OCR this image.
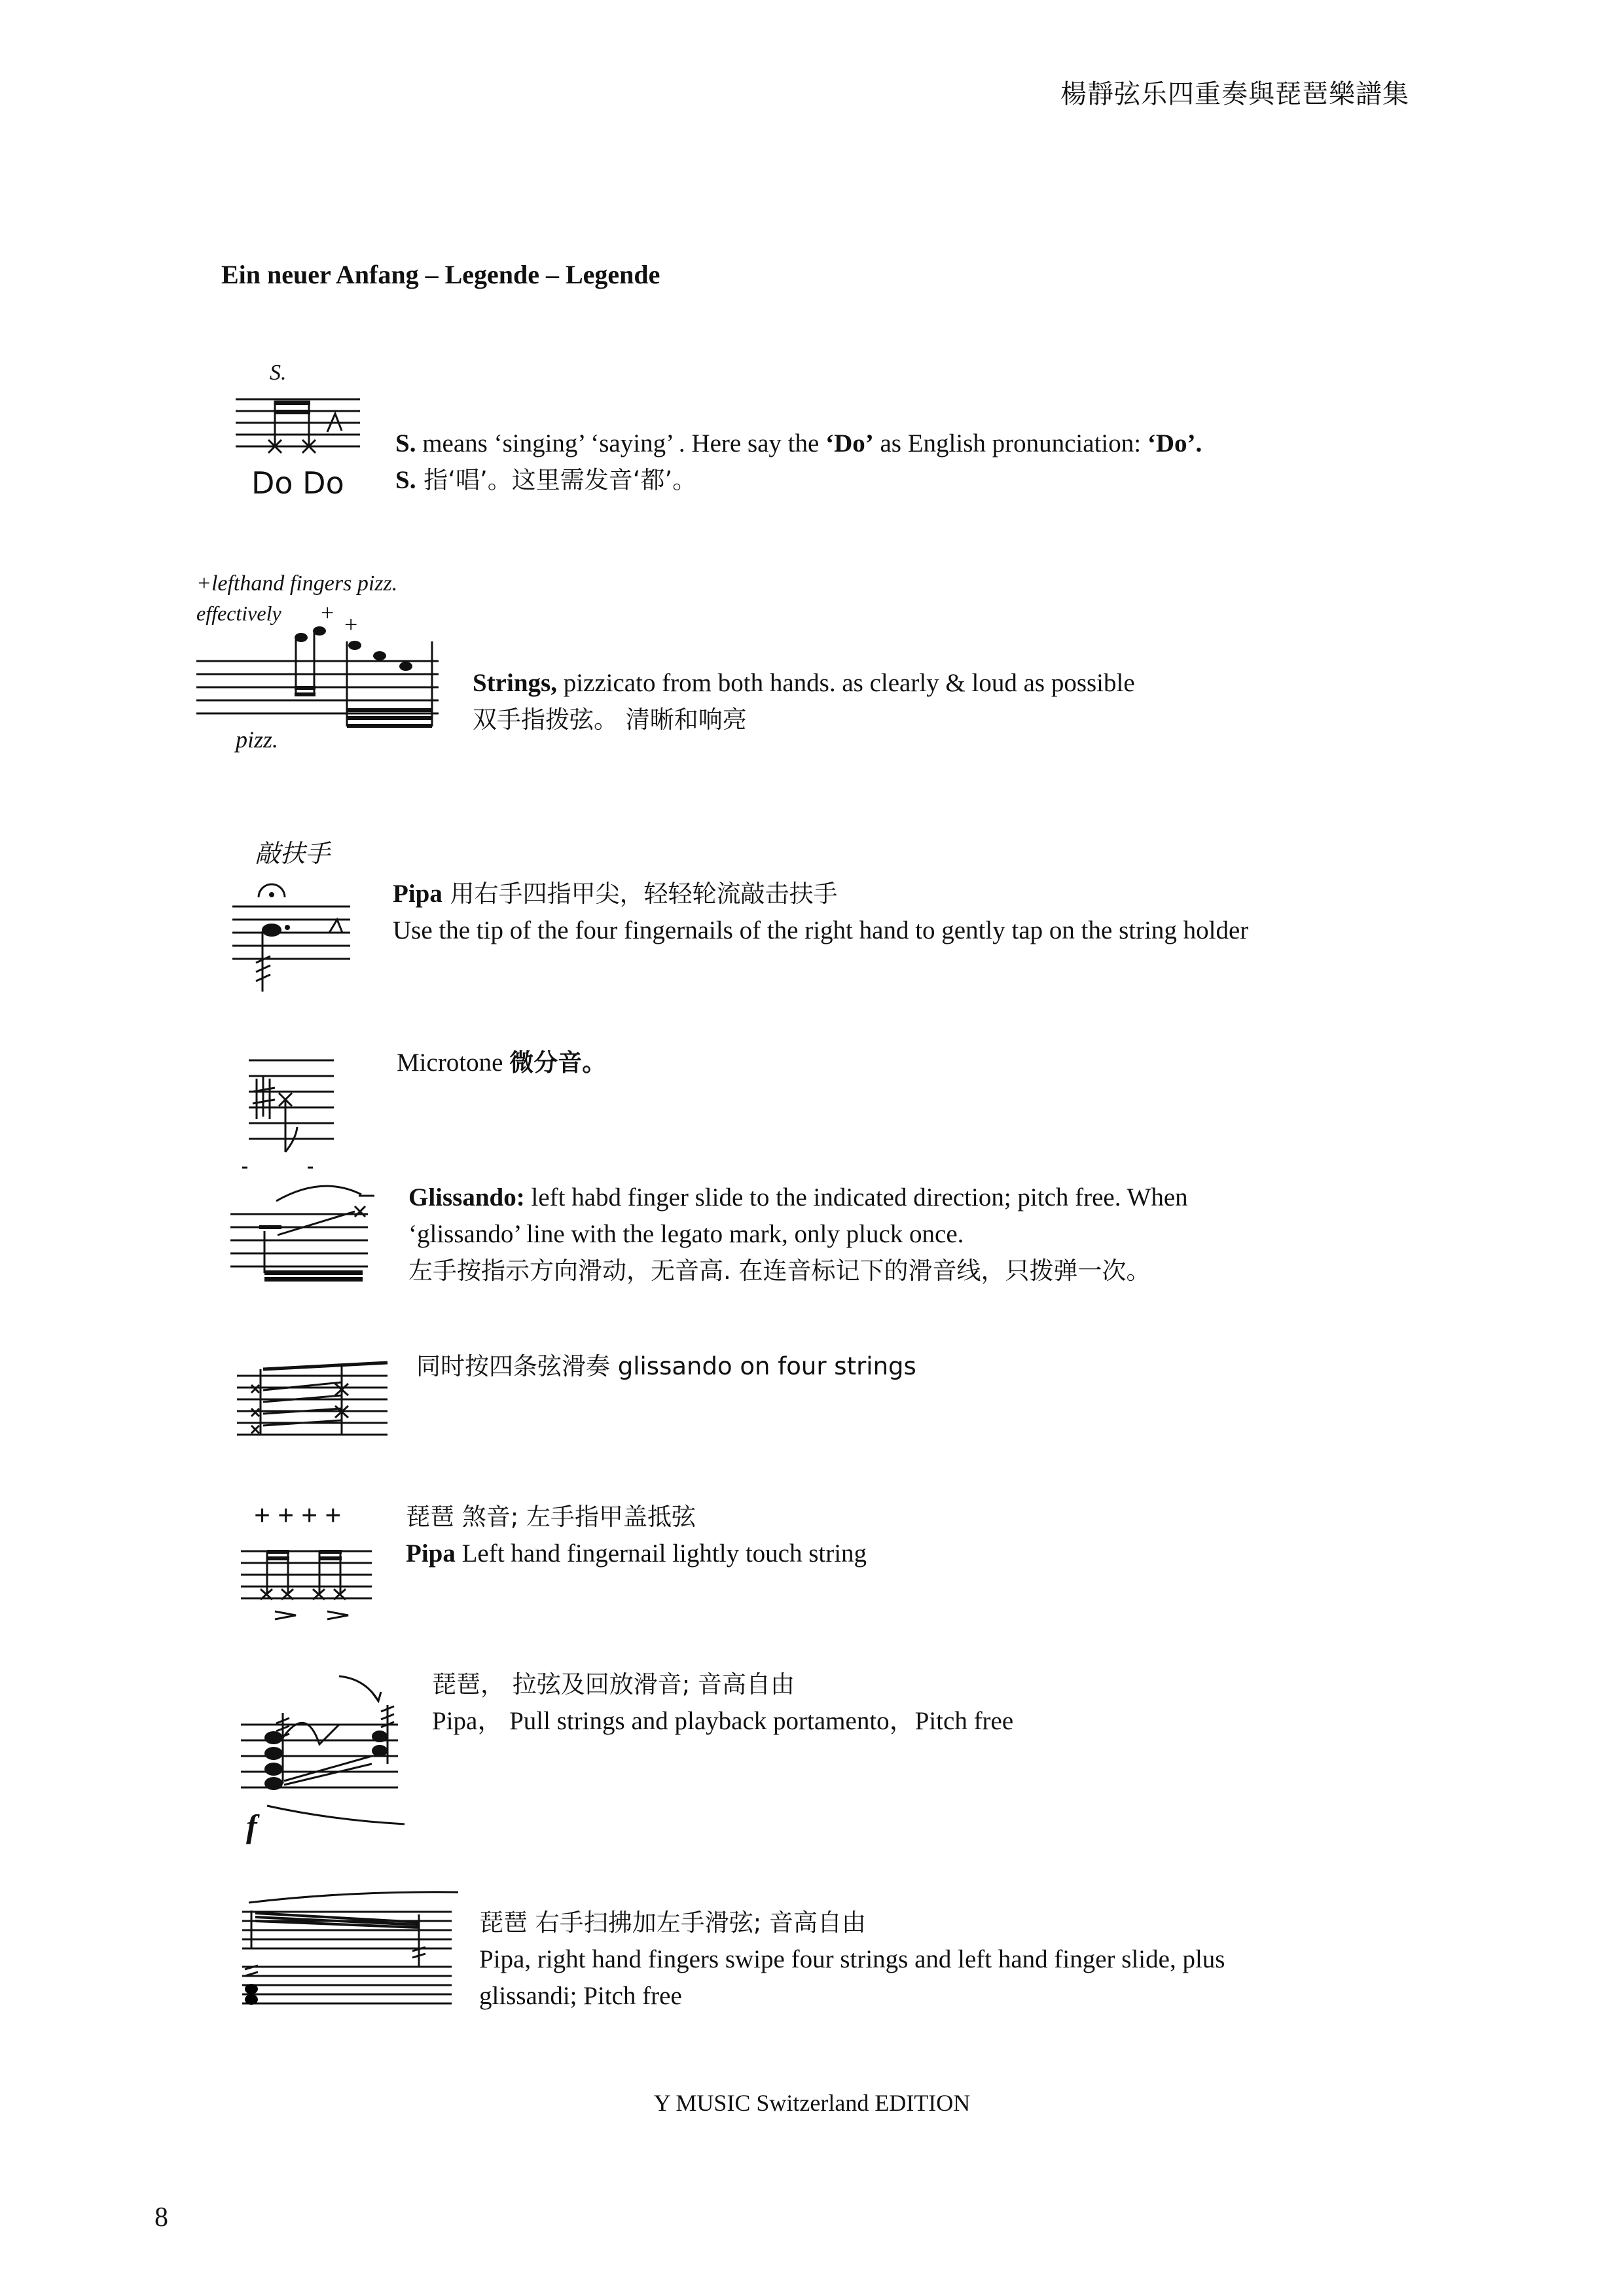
楊靜弦乐四重奏與琵琶樂譜集
Ein neuer Anfang – Legende – Legende
S.
Do Do
S. means ‘singing’ ‘saying’ . Here say the ‘Do’ as English pronunciation: ‘Do’.
S. 指‘唱’。这里需发音‘都’。
+lefthand fingers pizz.
effectively + +
pizz.
Strings, pizzicato from both hands. as clearly & loud as possible
双手指拨弦。 清晰和响亮
敲扶手
Pipa 用右手四指甲尖，轻轻轮流敲击扶手
Use the tip of the four fingernails of the right hand to gently tap on the string holder
Microtone 微分音。
Glissando: left habd finger slide to the indicated direction; pitch free. When
‘glissando’ line with the legato mark, only pluck once.
左手按指示方向滑动，无音高. 在连音标记下的滑音线，只拨弹一次。
同时按四条弦滑奏 glissando on four strings
+ + + +	琵琶 煞音; 左手指甲盖抵弦
Pipa Left hand fingernail lightly touch string
f
琵琶， 拉弦及回放滑音; 音高自由
Pipa， Pull strings and playback portamento，Pitch free
琵琶 右手扫拂加左手滑弦; 音高自由
Pipa, right hand fingers swipe four strings and left hand finger slide, plus
glissandi; Pitch free
Y MUSIC Switzerland EDITION
8
